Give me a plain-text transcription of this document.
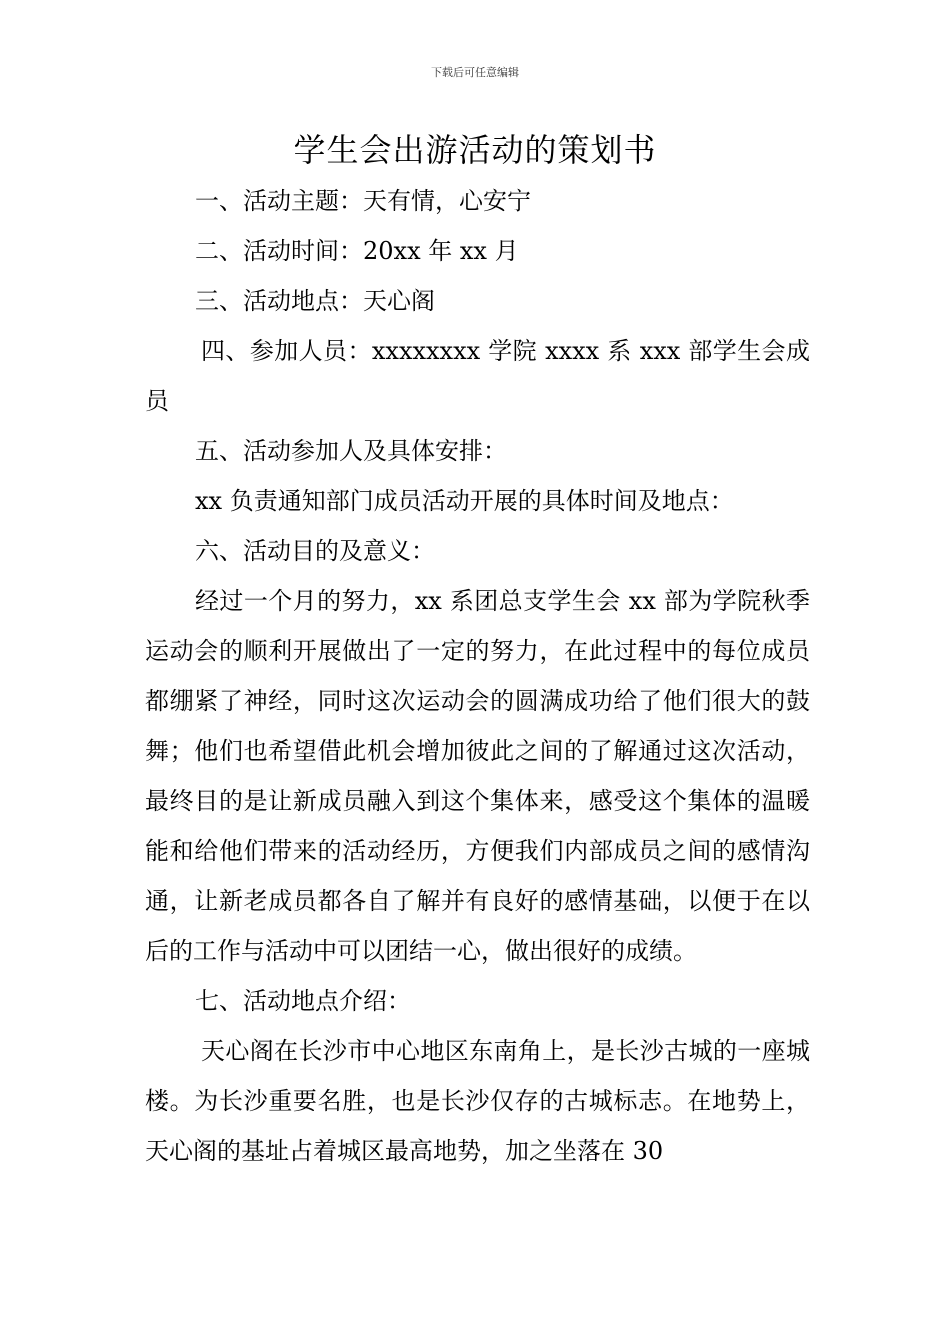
下载后可任意编辑
学生会出游活动的策划书

一、活动主题：天有情，心安宁

二、活动时间：20xx 年 xx 月

三、活动地点：天心阁

四、参加人员：xxxxxxxx 学院 xxxx 系 xxx 部学生会成员

五、活动参加人及具体安排：

xx 负责通知部门成员活动开展的具体时间及地点：

六、活动目的及意义：

经过一个月的努力，xx 系团总支学生会 xx 部为学院秋季运动会的顺利开展做出了一定的努力，在此过程中的每位成员都绷紧了神经，同时这次运动会的圆满成功给了他们很大的鼓舞；他们也希望借此机会增加彼此之间的了解通过这次活动，最终目的是让新成员融入到这个集体来，感受这个集体的温暖能和给他们带来的活动经历，方便我们内部成员之间的感情沟通，让新老成员都各自了解并有良好的感情基础，以便于在以后的工作与活动中可以团结一心，做出很好的成绩。

七、活动地点介绍：

天心阁在长沙市中心地区东南角上，是长沙古城的一座城楼。为长沙重要名胜，也是长沙仅存的古城标志。在地势上，天心阁的基址占着城区最高地势，加之坐落在 30
